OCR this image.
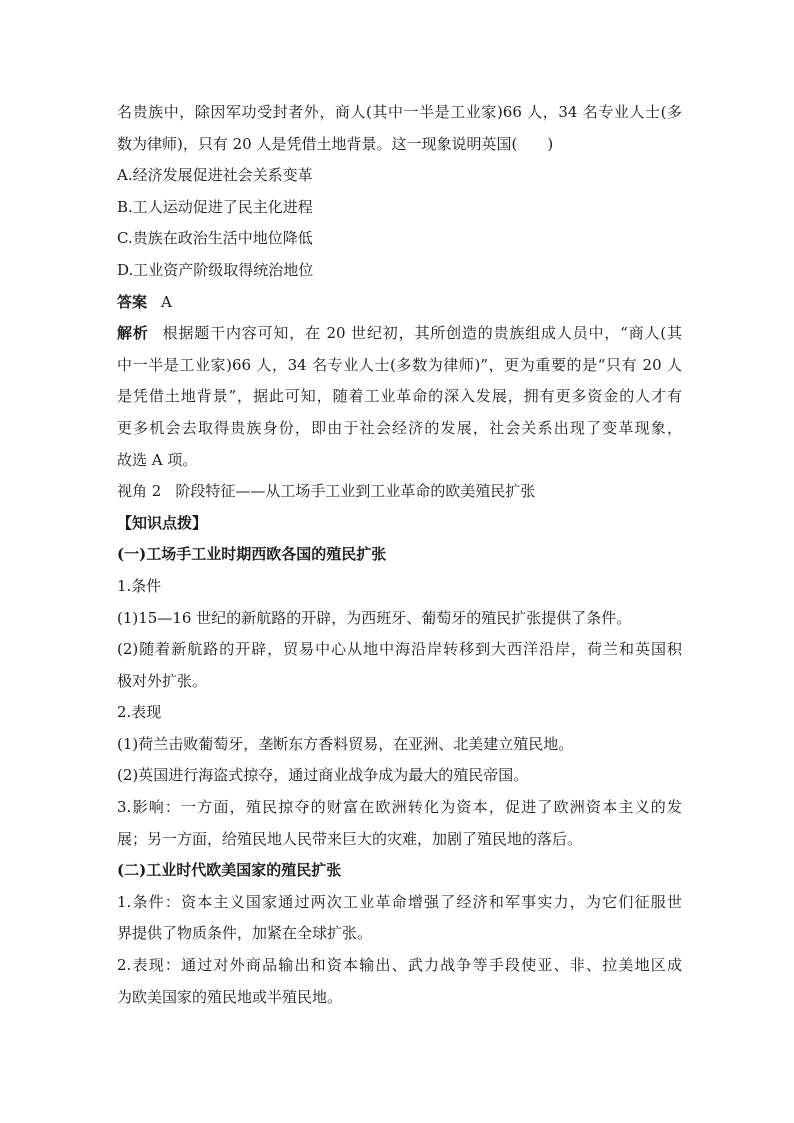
名贵族中，除因军功受封者外，商人(其中一半是工业家)66 人，34 名专业人士(多
数为律师)，只有 20 人是凭借土地背景。这一现象说明英国(　　)
A.经济发展促进社会关系变革
B.工人运动促进了民主化进程
C.贵族在政治生活中地位降低
D.工业资产阶级取得统治地位
答案 A
解析 根据题干内容可知，在 20 世纪初，其所创造的贵族组成人员中，“商人(其
中一半是工业家)66 人，34 名专业人士(多数为律师)”，更为重要的是“只有 20 人
是凭借土地背景”，据此可知，随着工业革命的深入发展，拥有更多资金的人才有
更多机会去取得贵族身份，即由于社会经济的发展，社会关系出现了变革现象，
故选 A 项。
视角 2 阶段特征——从工场手工业到工业革命的欧美殖民扩张
【知识点拨】
(一)工场手工业时期西欧各国的殖民扩张
1.条件
(1)15—16 世纪的新航路的开辟，为西班牙、葡萄牙的殖民扩张提供了条件。
(2)随着新航路的开辟，贸易中心从地中海沿岸转移到大西洋沿岸，荷兰和英国积
极对外扩张。
2.表现
(1)荷兰击败葡萄牙，垄断东方香料贸易，在亚洲、北美建立殖民地。
(2)英国进行海盗式掠夺，通过商业战争成为最大的殖民帝国。
3.影响：一方面，殖民掠夺的财富在欧洲转化为资本，促进了欧洲资本主义的发
展；另一方面，给殖民地人民带来巨大的灾难，加剧了殖民地的落后。
(二)工业时代欧美国家的殖民扩张
1.条件：资本主义国家通过两次工业革命增强了经济和军事实力，为它们征服世
界提供了物质条件，加紧在全球扩张。
2.表现：通过对外商品输出和资本输出、武力战争等手段使亚、非、拉美地区成
为欧美国家的殖民地或半殖民地。
